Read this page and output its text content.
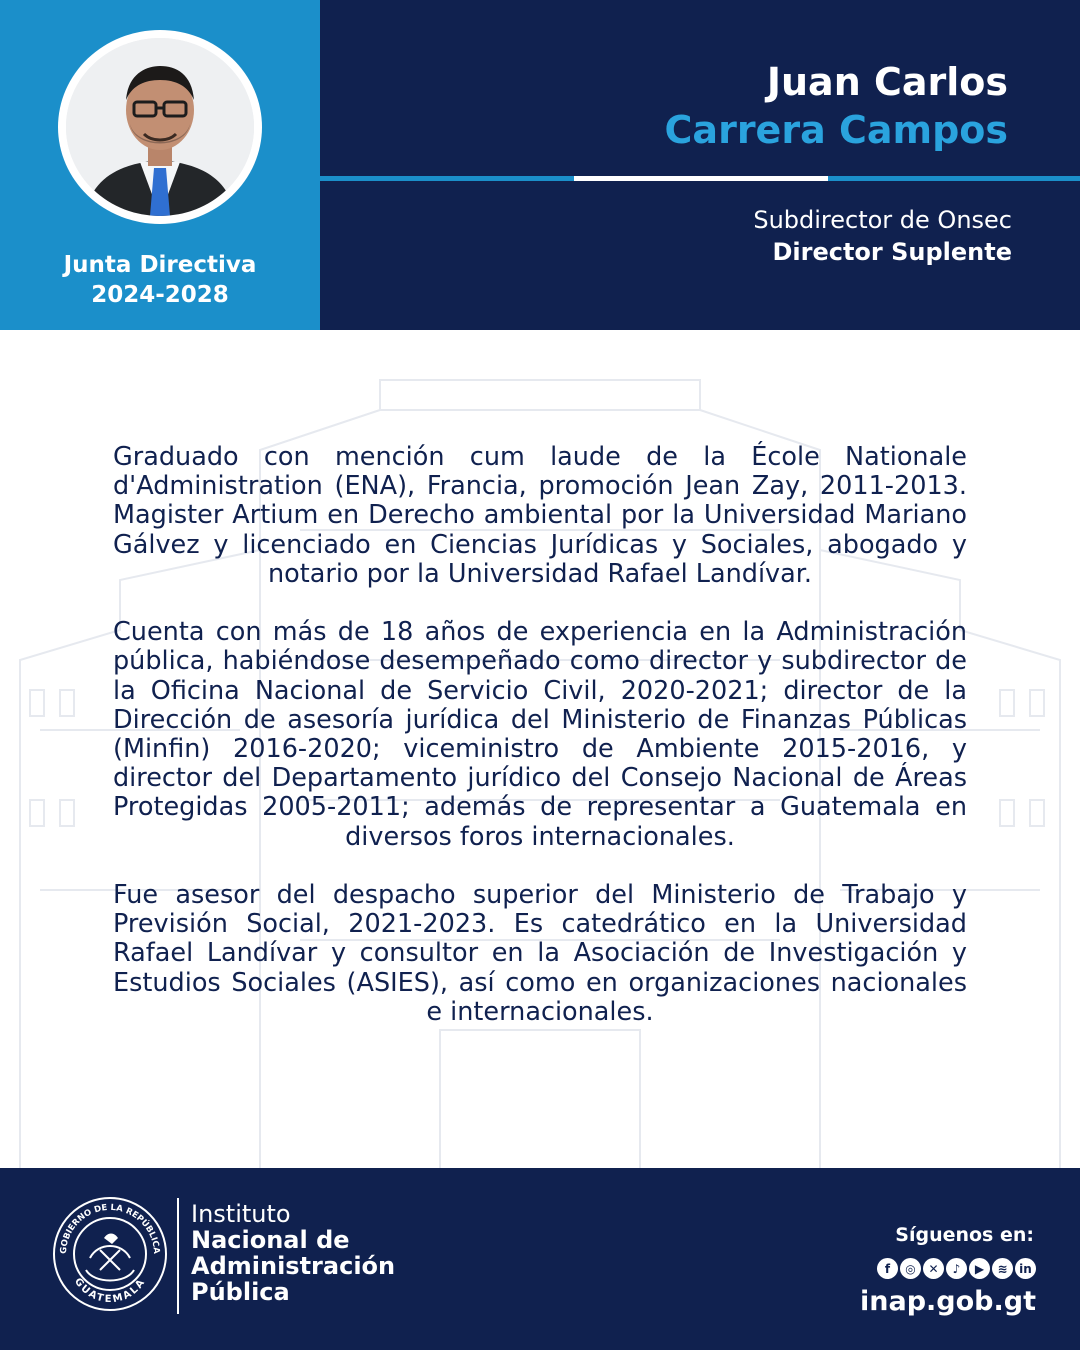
Junta Directiva
2024-2028
Juan Carlos
Carrera Campos
Subdirector de Onsec
Director Suplente

Graduado con mención cum laude de la École Nationale d'Administration (ENA), Francia, promoción Jean Zay, 2011-2013. Magister Artium en Derecho ambiental por la Universidad Mariano Gálvez y licenciado en Ciencias Jurídicas y Sociales, abogado y notario por la Universidad Rafael Landívar.

Cuenta con más de 18 años de experiencia en la Administración pública, habiéndose desempeñado como director y subdirector de la Oficina Nacional de Servicio Civil, 2020-2021; director de la Dirección de asesoría jurídica del Ministerio de Finanzas Públicas (Minfin) 2016-2020; viceministro de Ambiente 2015-2016, y director del Departamento jurídico del Consejo Nacional de Áreas Protegidas 2005-2011; además de representar a Guatemala en diversos foros internacionales.

Fue asesor del despacho superior del Ministerio de Trabajo y Previsión Social, 2021-2023. Es catedrático en la Universidad Rafael Landívar y consultor en la Asociación de Investigación y Estudios Sociales (ASIES), así como en organizaciones nacionales e internacionales.

GOBIERNO DE LA REPÚBLICA
GUATEMALA
Instituto
Nacional de
Administración
Pública
Síguenos en:
f	◎	✕	♪	▶	≋ in
inap.gob.gt
